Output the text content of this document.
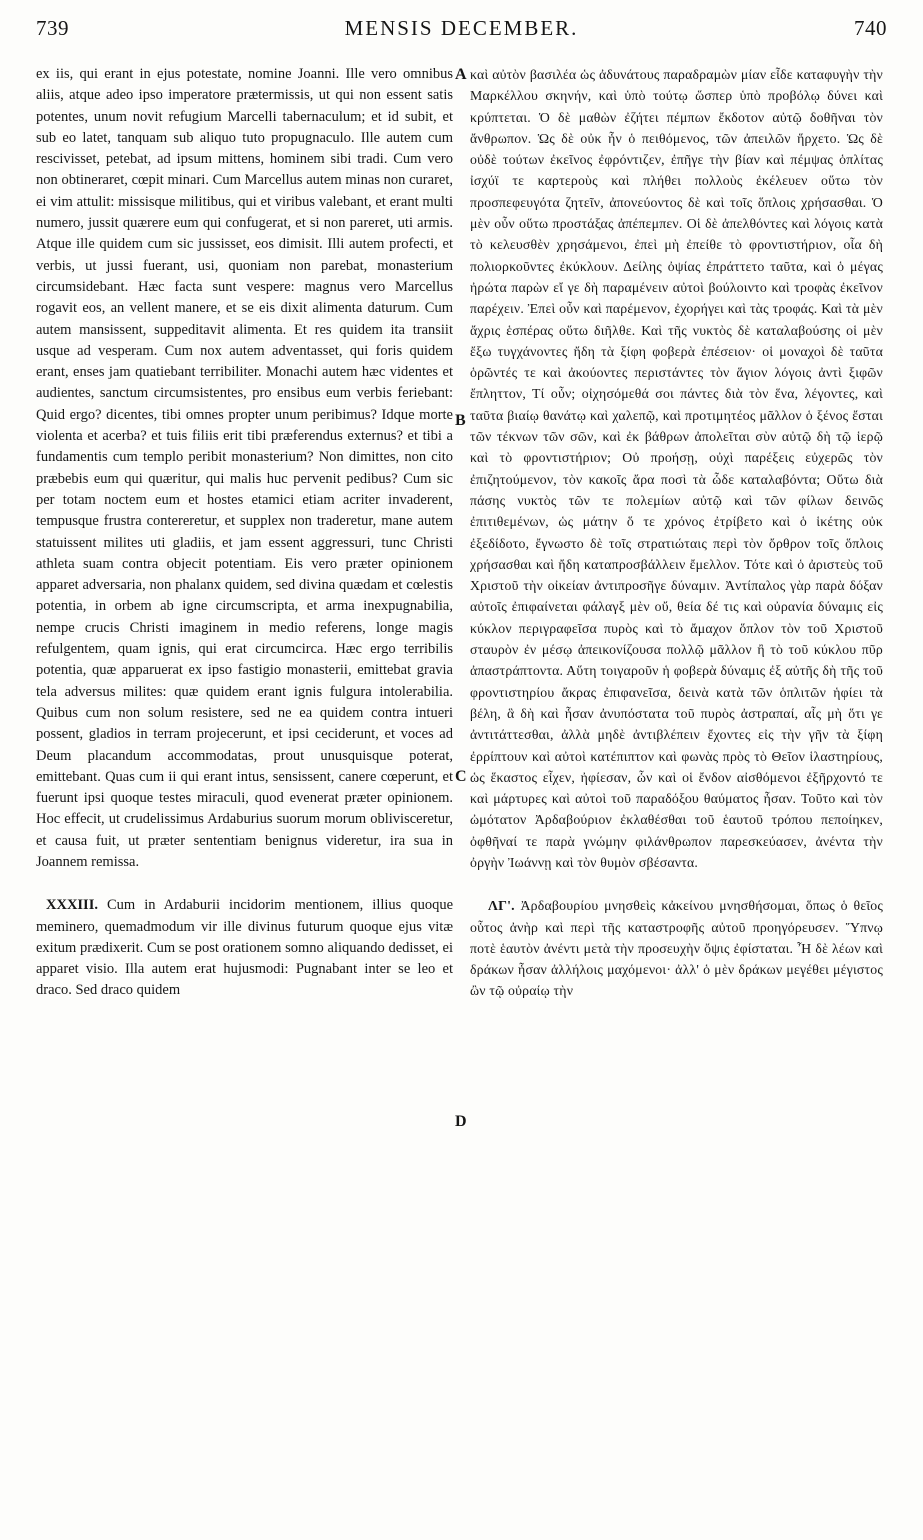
739	MENSIS DECEMBER.	740

ex iis, qui erant in ejus potestate, nomine Joanni. Ille vero omnibus aliis, atque adeo ipso imperatore prætermissis, ut qui non essent satis potentes, unum novit refugium Marcelli tabernaculum; et id subit, et sub eo latet, tanquam sub aliquo tuto propugnaculo. Ille autem cum rescivisset, petebat, ad ipsum mittens, hominem sibi tradi. Cum vero non obtineraret, cœpit minari. Cum Marcellus autem minas non curaret, ei vim attulit: missisque militibus, qui et viribus valebant, et erant multi numero, jussit quærere eum qui confugerat, et si non pareret, uti armis. Atque ille quidem cum sic jussisset, eos dimisit. Illi autem profecti, et verbis, ut jussi fuerant, usi, quoniam non parebat, monasterium circumsidebant. Hæc facta sunt vespere: magnus vero Marcellus rogavit eos, an vellent manere, et se eis dixit alimenta daturum. Cum autem mansissent, suppeditavit alimenta. Et res quidem ita transiit usque ad vesperam. Cum nox autem adventasset, qui foris quidem erant, enses jam quatiebant terribiliter. Monachi autem hæc videntes et audientes, sanctum circumsistentes, pro ensibus eum verbis feriebant: Quid ergo? dicentes, tibi omnes propter unum peribimus? Idque morte violenta et acerba? et tuis filiis erit tibi præferendus externus? et tibi a fundamentis cum templo peribit monasterium? Non dimittes, non cito præbebis eum qui quæritur, qui malis huc pervenit pedibus? Cum sic per totam noctem eum et hostes etamici etiam acriter invaderent, tempusque frustra contereretur, et supplex non traderetur, mane autem statuissent milites uti gladiis, et jam essent aggressuri, tunc Christi athleta suam contra objecit potentiam. Eis vero præter opinionem apparet adversaria, non phalanx quidem, sed divina quædam et cœlestis potentia, in orbem ab igne circumscripta, et arma inexpugnabilia, nempe crucis Christi imaginem in medio referens, longe magis refulgentem, quam ignis, qui erat circumcirca. Hæc ergo terribilis potentia, quæ apparuerat ex ipso fastigio monasterii, emittebat gravia tela adversus milites: quæ quidem erant ignis fulgura intolerabilia. Quibus cum non solum resistere, sed ne ea quidem contra intueri possent, gladios in terram projecerunt, et ipsi ceciderunt, et voces ad Deum placandum accommodatas, prout unusquisque poterat, emittebant. Quas cum ii qui erant intus, sensissent, canere cœperunt, et fuerunt ipsi quoque testes miraculi, quod evenerat præter opinionem. Hoc effecit, ut crudelissimus Ardaburius suorum morum oblivisceretur, et causa fuit, ut præter sententiam benignus videretur, ira sua in Joannem remissa.

XXXIII. Cum in Ardaburii incidorim mentionem, illius quoque meminero, quemadmodum vir ille divinus futurum quoque ejus vitæ exitum prædixerit. Cum se post orationem somno aliquando dedisset, ei apparet visio. Illa autem erat hujusmodi: Pugnabant inter se leo et draco. Sed draco quidem

A
B
C
D

καὶ αὐτὸν βασιλέα ὡς ἀδυνάτους παραδραμὼν μίαν εἶδε καταφυγὴν τὴν Μαρκέλλου σκηνήν, καὶ ὑπὸ τούτῳ ὥσπερ ὑπὸ προβόλῳ δύνει καὶ κρύπτεται. Ὁ δὲ μαθὼν ἐζήτει πέμπων ἔκδοτον αὐτῷ δοθῆναι τὸν ἄνθρωπον. Ὡς δὲ οὐκ ἦν ὁ πειθόμενος, τῶν ἀπειλῶν ἥρχετο. Ὡς δὲ οὐδὲ τούτων ἐκεῖνος ἐφρόντιζεν, ἐπῆγε τὴν βίαν καὶ πέμψας ὁπλίτας ἰσχύϊ τε καρτεροὺς καὶ πλήθει πολλοὺς ἐκέλευεν οὕτω τὸν προσπεφευγότα ζητεῖν, ἀπονεύοντος δὲ καὶ τοῖς ὅπλοις χρήσασθαι. Ὁ μὲν οὖν οὕτω προστάξας ἀπέπεμπεν. Οἱ δὲ ἀπελθόντες καὶ λόγοις κατὰ τὸ κελευσθὲν χρησάμενοι, ἐπεὶ μὴ ἐπείθε τὸ φροντιστήριον, οἷα δὴ πολιορκοῦντες ἐκύκλουν. Δείλης ὀψίας ἐπράττετο ταῦτα, καὶ ὁ μέγας ἠρώτα παρὼν εἴ γε δὴ παραμένειν αὐτοὶ βούλοιντο καὶ τροφὰς ἐκεῖνον παρέχειν. Ἐπεὶ οὖν καὶ παρέμενον, ἐχορήγει καὶ τὰς τροφάς. Καὶ τὰ μὲν ἄχρις ἑσπέρας οὕτω διῆλθε. Καὶ τῆς νυκτὸς δὲ καταλαβούσης οἱ μὲν ἔξω τυγχάνοντες ἤδη τὰ ξίφη φοβερὰ ἐπέσειον· οἱ μοναχοὶ δὲ ταῦτα ὁρῶντές τε καὶ ἀκούοντες περιστάντες τὸν ἅγιον λόγοις ἀντὶ ξιφῶν ἔπληττον, Τί οὖν; οἰχησόμεθά σοι πάντες διὰ τὸν ἕνα, λέγοντες, καὶ ταῦτα βιαίῳ θανάτῳ καὶ χαλεπῷ, καὶ προτιμητέος μᾶλλον ὁ ξένος ἔσται τῶν τέκνων τῶν σῶν, καὶ ἐκ βάθρων ἀπολεῖται σὺν αὐτῷ δὴ τῷ ἱερῷ καὶ τὸ φροντιστήριον; Οὐ προήσῃ, οὐχὶ παρέξεις εὐχερῶς τὸν ἐπιζητούμενον, τὸν κακοῖς ἄρα ποσὶ τὰ ὧδε καταλαβόντα; Οὕτω διὰ πάσης νυκτὸς τῶν τε πολεμίων αὐτῷ καὶ τῶν φίλων δεινῶς ἐπιτιθεμένων, ὡς μάτην ὅ τε χρόνος ἐτρίβετο καὶ ὁ ἱκέτης οὐκ ἐξεδίδοτο, ἔγνωστο δὲ τοῖς στρατιώταις περὶ τὸν ὄρθρον τοῖς ὅπλοις χρήσασθαι καὶ ἤδη καταπροσβάλλειν ἔμελλον. Τότε καὶ ὁ ἀριστεὺς τοῦ Χριστοῦ τὴν οἰκείαν ἀντιπροσῆγε δύναμιν. Ἀντίπαλος γὰρ παρὰ δόξαν αὐτοῖς ἐπιφαίνεται φάλαγξ μὲν οὔ, θεία δέ τις καὶ οὐρανία δύναμις εἰς κύκλον περιγραφεῖσα πυρὸς καὶ τὸ ἄμαχον ὅπλον τὸν τοῦ Χριστοῦ σταυρὸν ἐν μέσῳ ἀπεικονίζουσα πολλῷ μᾶλλον ἢ τὸ τοῦ κύκλου πῦρ ἀπαστράπτοντα. Αὕτη τοιγαροῦν ἡ φοβερὰ δύναμις ἐξ αὐτῆς δὴ τῆς τοῦ φροντιστηρίου ἄκρας ἐπιφανεῖσα, δεινὰ κατὰ τῶν ὁπλιτῶν ἡφίει τὰ βέλη, ἃ δὴ καὶ ἦσαν ἀνυπόστατα τοῦ πυρὸς ἀστραπαί, αἷς μὴ ὅτι γε ἀντιτάττεσθαι, ἀλλὰ μηδὲ ἀντιβλέπειν ἔχοντες εἰς τὴν γῆν τὰ ξίφη ἐρρίπτουν καὶ αὐτοὶ κατέπιπτον καὶ φωνὰς πρὸς τὸ Θεῖον ἱλαστηρίους, ὡς ἕκαστος εἶχεν, ἠφίεσαν, ὧν καὶ οἱ ἔνδον αἰσθόμενοι ἐξῆρχοντό τε καὶ μάρτυρες καὶ αὐτοὶ τοῦ παραδόξου θαύματος ἦσαν. Τοῦτο καὶ τὸν ὠμότατον Ἀρδαβούριον ἐκλαθέσθαι τοῦ ἑαυτοῦ τρόπου πεποίηκεν, ὀφθῆναί τε παρὰ γνώμην φιλάνθρωπον παρεσκεύασεν, ἀνέντα τὴν ὀργὴν Ἰωάννῃ καὶ τὸν θυμὸν σβέσαντα.

ΛΓ'. Ἀρδαβουρίου μνησθεὶς κἀκείνου μνησθήσομαι, ὅπως ὁ θεῖος οὗτος ἀνὴρ καὶ περὶ τῆς καταστροφῆς αὐτοῦ προηγόρευσεν. Ὕπνῳ ποτὲ ἑαυτὸν ἀνέντι μετὰ τὴν προσευχὴν ὄψις ἐφίσταται. Ἦ δὲ λέων καὶ δράκων ἦσαν ἀλλήλοις μαχόμενοι· ἀλλ' ὁ μὲν δράκων μεγέθει μέγιστος ὢν τῷ οὐραίῳ τὴν
